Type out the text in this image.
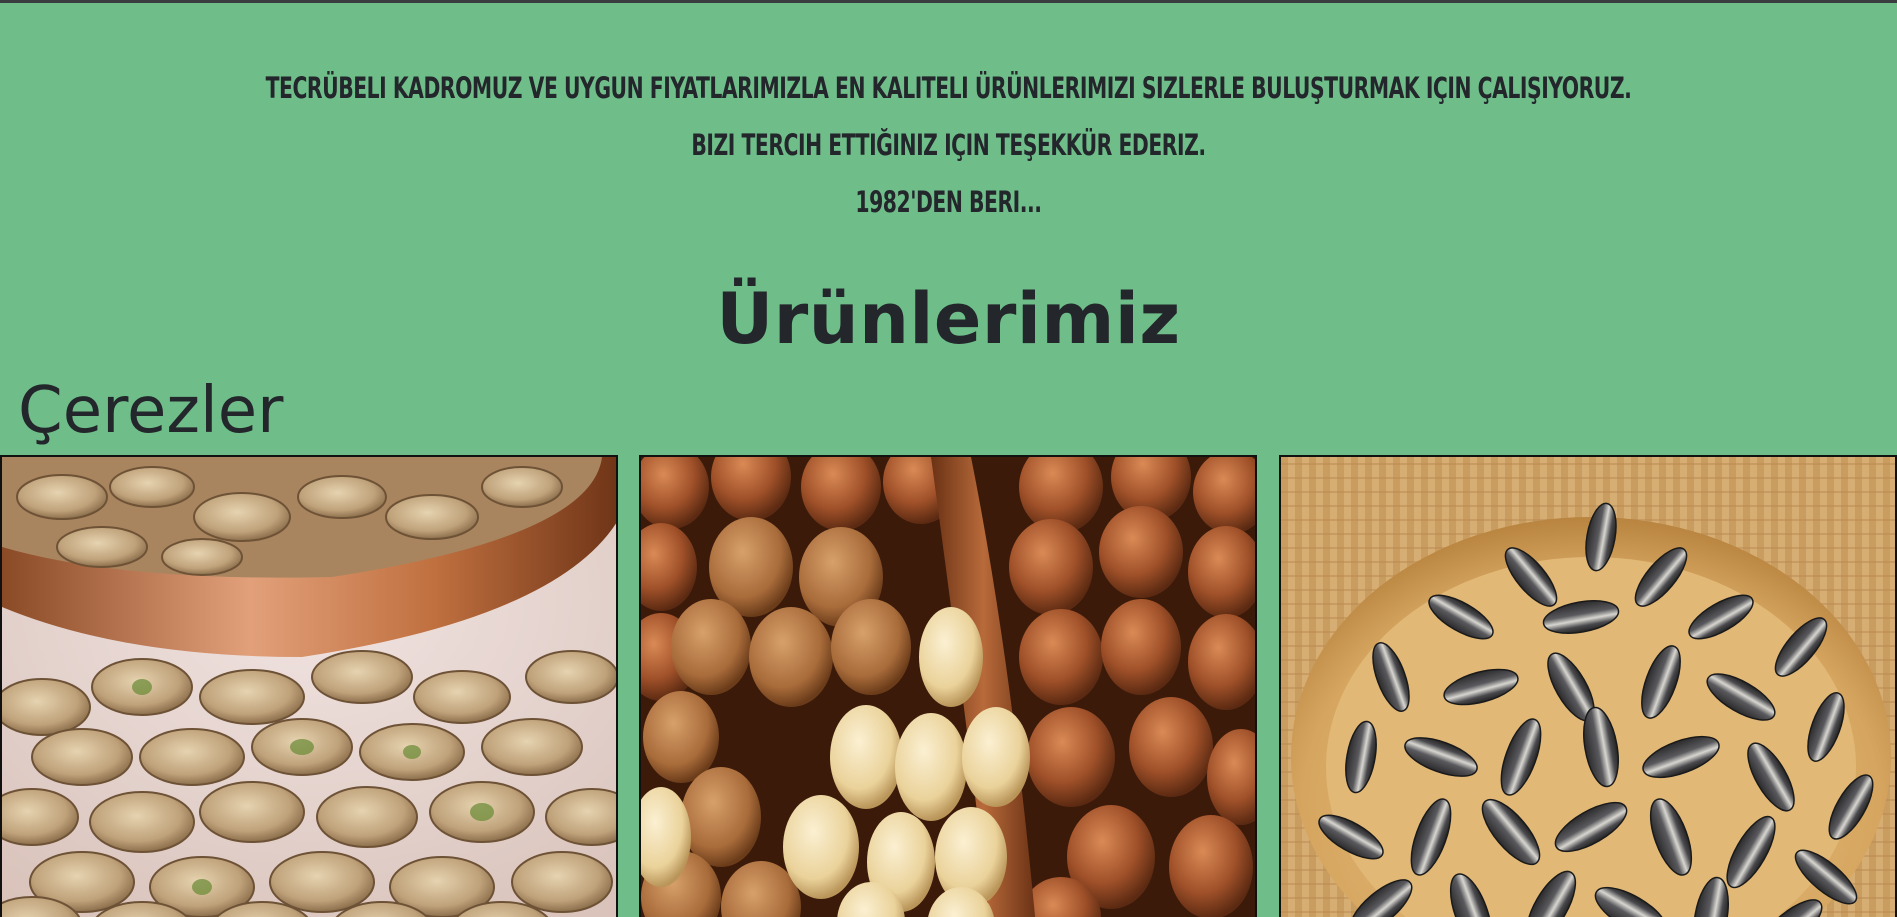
TECRÜBELI KADROMUZ VE UYGUN FIYATLARIMIZLA EN KALITELI ÜRÜNLERIMIZI SIZLERLE BULUŞTURMAK IÇIN ÇALIŞIYORUZ.
BIZI TERCIH ETTIĞINIZ IÇIN TEŞEKKÜR EDERIZ.
1982'DEN BERI...
Ürünlerimiz
Çerezler
